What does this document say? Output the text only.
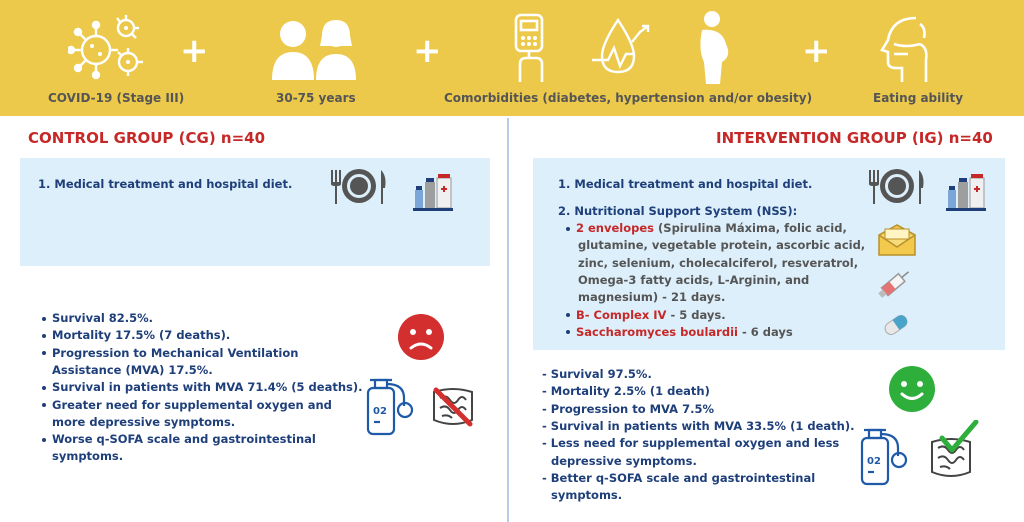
+	+	+
COVID-19 (Stage III)	30-75 years	Comorbidities (diabetes, hypertension and/or obesity)	Eating ability
CONTROL GROUP (CG) n=40
1. Medical treatment and hospital diet.
Survival 82.5%.
Mortality 17.5% (7 deaths).
Progression to Mechanical Ventilation
Assistance (MVA) 17.5%.
Survival in patients with MVA 71.4% (5 deaths).
Greater need for supplemental oxygen and
more depressive symptoms.
Worse q-SOFA scale and gastrointestinal
symptoms.
02
INTERVENTION GROUP (IG) n=40
1. Medical treatment and hospital diet.
2. Nutritional Support System (NSS):
2 envelopes (Spirulina Máxima, folic acid,
glutamine, vegetable protein, ascorbic acid,
zinc, selenium, cholecalciferol, resveratrol,
Omega-3 fatty acids, L-Arginin, and
magnesium) - 21 days.
B- Complex IV - 5 days.
Saccharomyces boulardii - 6 days
- Survival 97.5%.
- Mortality 2.5% (1 death)
- Progression to MVA 7.5%
- Survival in patients with MVA 33.5% (1 death).
- Less need for supplemental oxygen and less
depressive symptoms.
- Better q-SOFA scale and gastrointestinal
symptoms.
02
